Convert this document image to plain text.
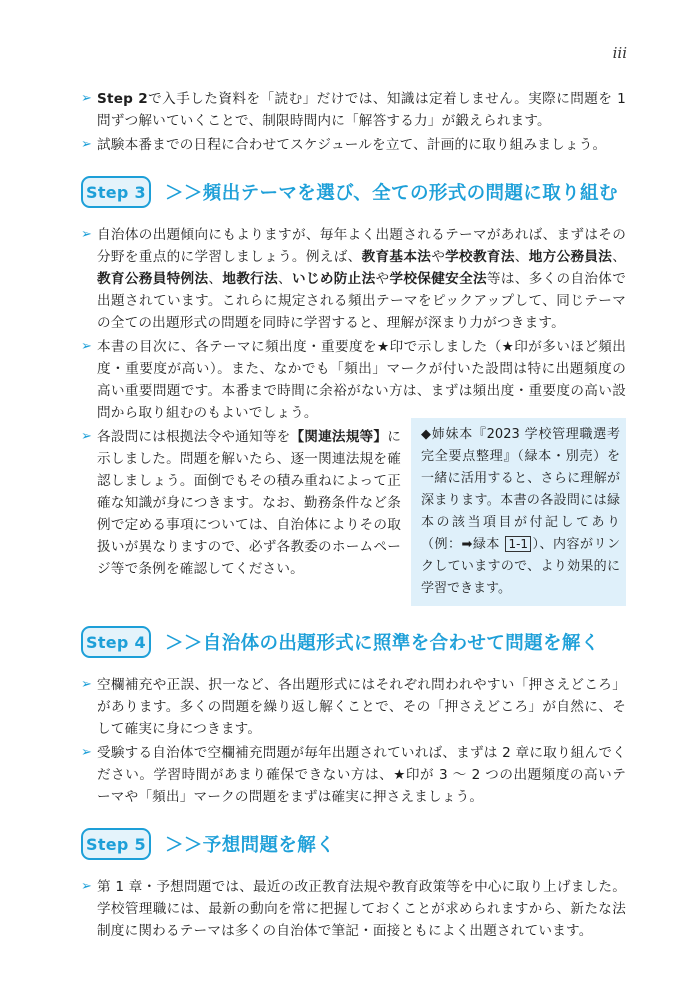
iii
➢ Step 2で入手した資料を「読む」だけでは、知識は定着しません。実際に問題を 1 問ずつ解いていくことで、制限時間内に「解答する力」が鍛えられます。
➢ 試験本番までの日程に合わせてスケジュールを立て、計画的に取り組みましょう。
Step 3 ＞＞頻出テーマを選び、全ての形式の問題に取り組む
➢ 自治体の出題傾向にもよりますが、毎年よく出題されるテーマがあれば、まずはその分野を重点的に学習しましょう。例えば、教育基本法や学校教育法、地方公務員法、教育公務員特例法、地教行法、いじめ防止法や学校保健安全法等は、多くの自治体で出題されています。これらに規定される頻出テーマをピックアップして、同じテーマの全ての出題形式の問題を同時に学習すると、理解が深まり力がつきます。
➢ 本書の目次に、各テーマに頻出度・重要度を★印で示しました（★印が多いほど頻出度・重要度が高い）。また、なかでも「頻出」マークが付いた設問は特に出題頻度の高い重要問題です。本番まで時間に余裕がない方は、まずは頻出度・重要度の高い設問から取り組むのもよいでしょう。
➢ 各設問には根拠法令や通知等を【関連法規等】に示しました。問題を解いたら、逐一関連法規を確認しましょう。面倒でもその積み重ねによって正確な知識が身につきます。なお、勤務条件など条例で定める事項については、自治体によりその取扱いが異なりますので、必ず各教委のホームページ等で条例を確認してください。
◆姉妹本『2023 学校管理職選考 完全要点整理』（緑本・別売）を一緒に活用すると、さらに理解が深まります。本書の各設問には緑本の該当項目が付記してあり（例：➡緑本 1-1 ）、内容がリンクしていますので、より効果的に学習できます。
Step 4 ＞＞自治体の出題形式に照準を合わせて問題を解く
➢ 空欄補充や正誤、択一など、各出題形式にはそれぞれ問われやすい「押さえどころ」があります。多くの問題を繰り返し解くことで、その「押さえどころ」が自然に、そして確実に身につきます。
➢ 受験する自治体で空欄補充問題が毎年出題されていれば、まずは 2 章に取り組んでください。学習時間があまり確保できない方は、★印が 3 ～ 2 つの出題頻度の高いテーマや「頻出」マークの問題をまずは確実に押さえましょう。
Step 5 ＞＞予想問題を解く
➢ 第 1 章・予想問題では、最近の改正教育法規や教育政策等を中心に取り上げました。学校管理職には、最新の動向を常に把握しておくことが求められますから、新たな法制度に関わるテーマは多くの自治体で筆記・面接ともによく出題されています。
